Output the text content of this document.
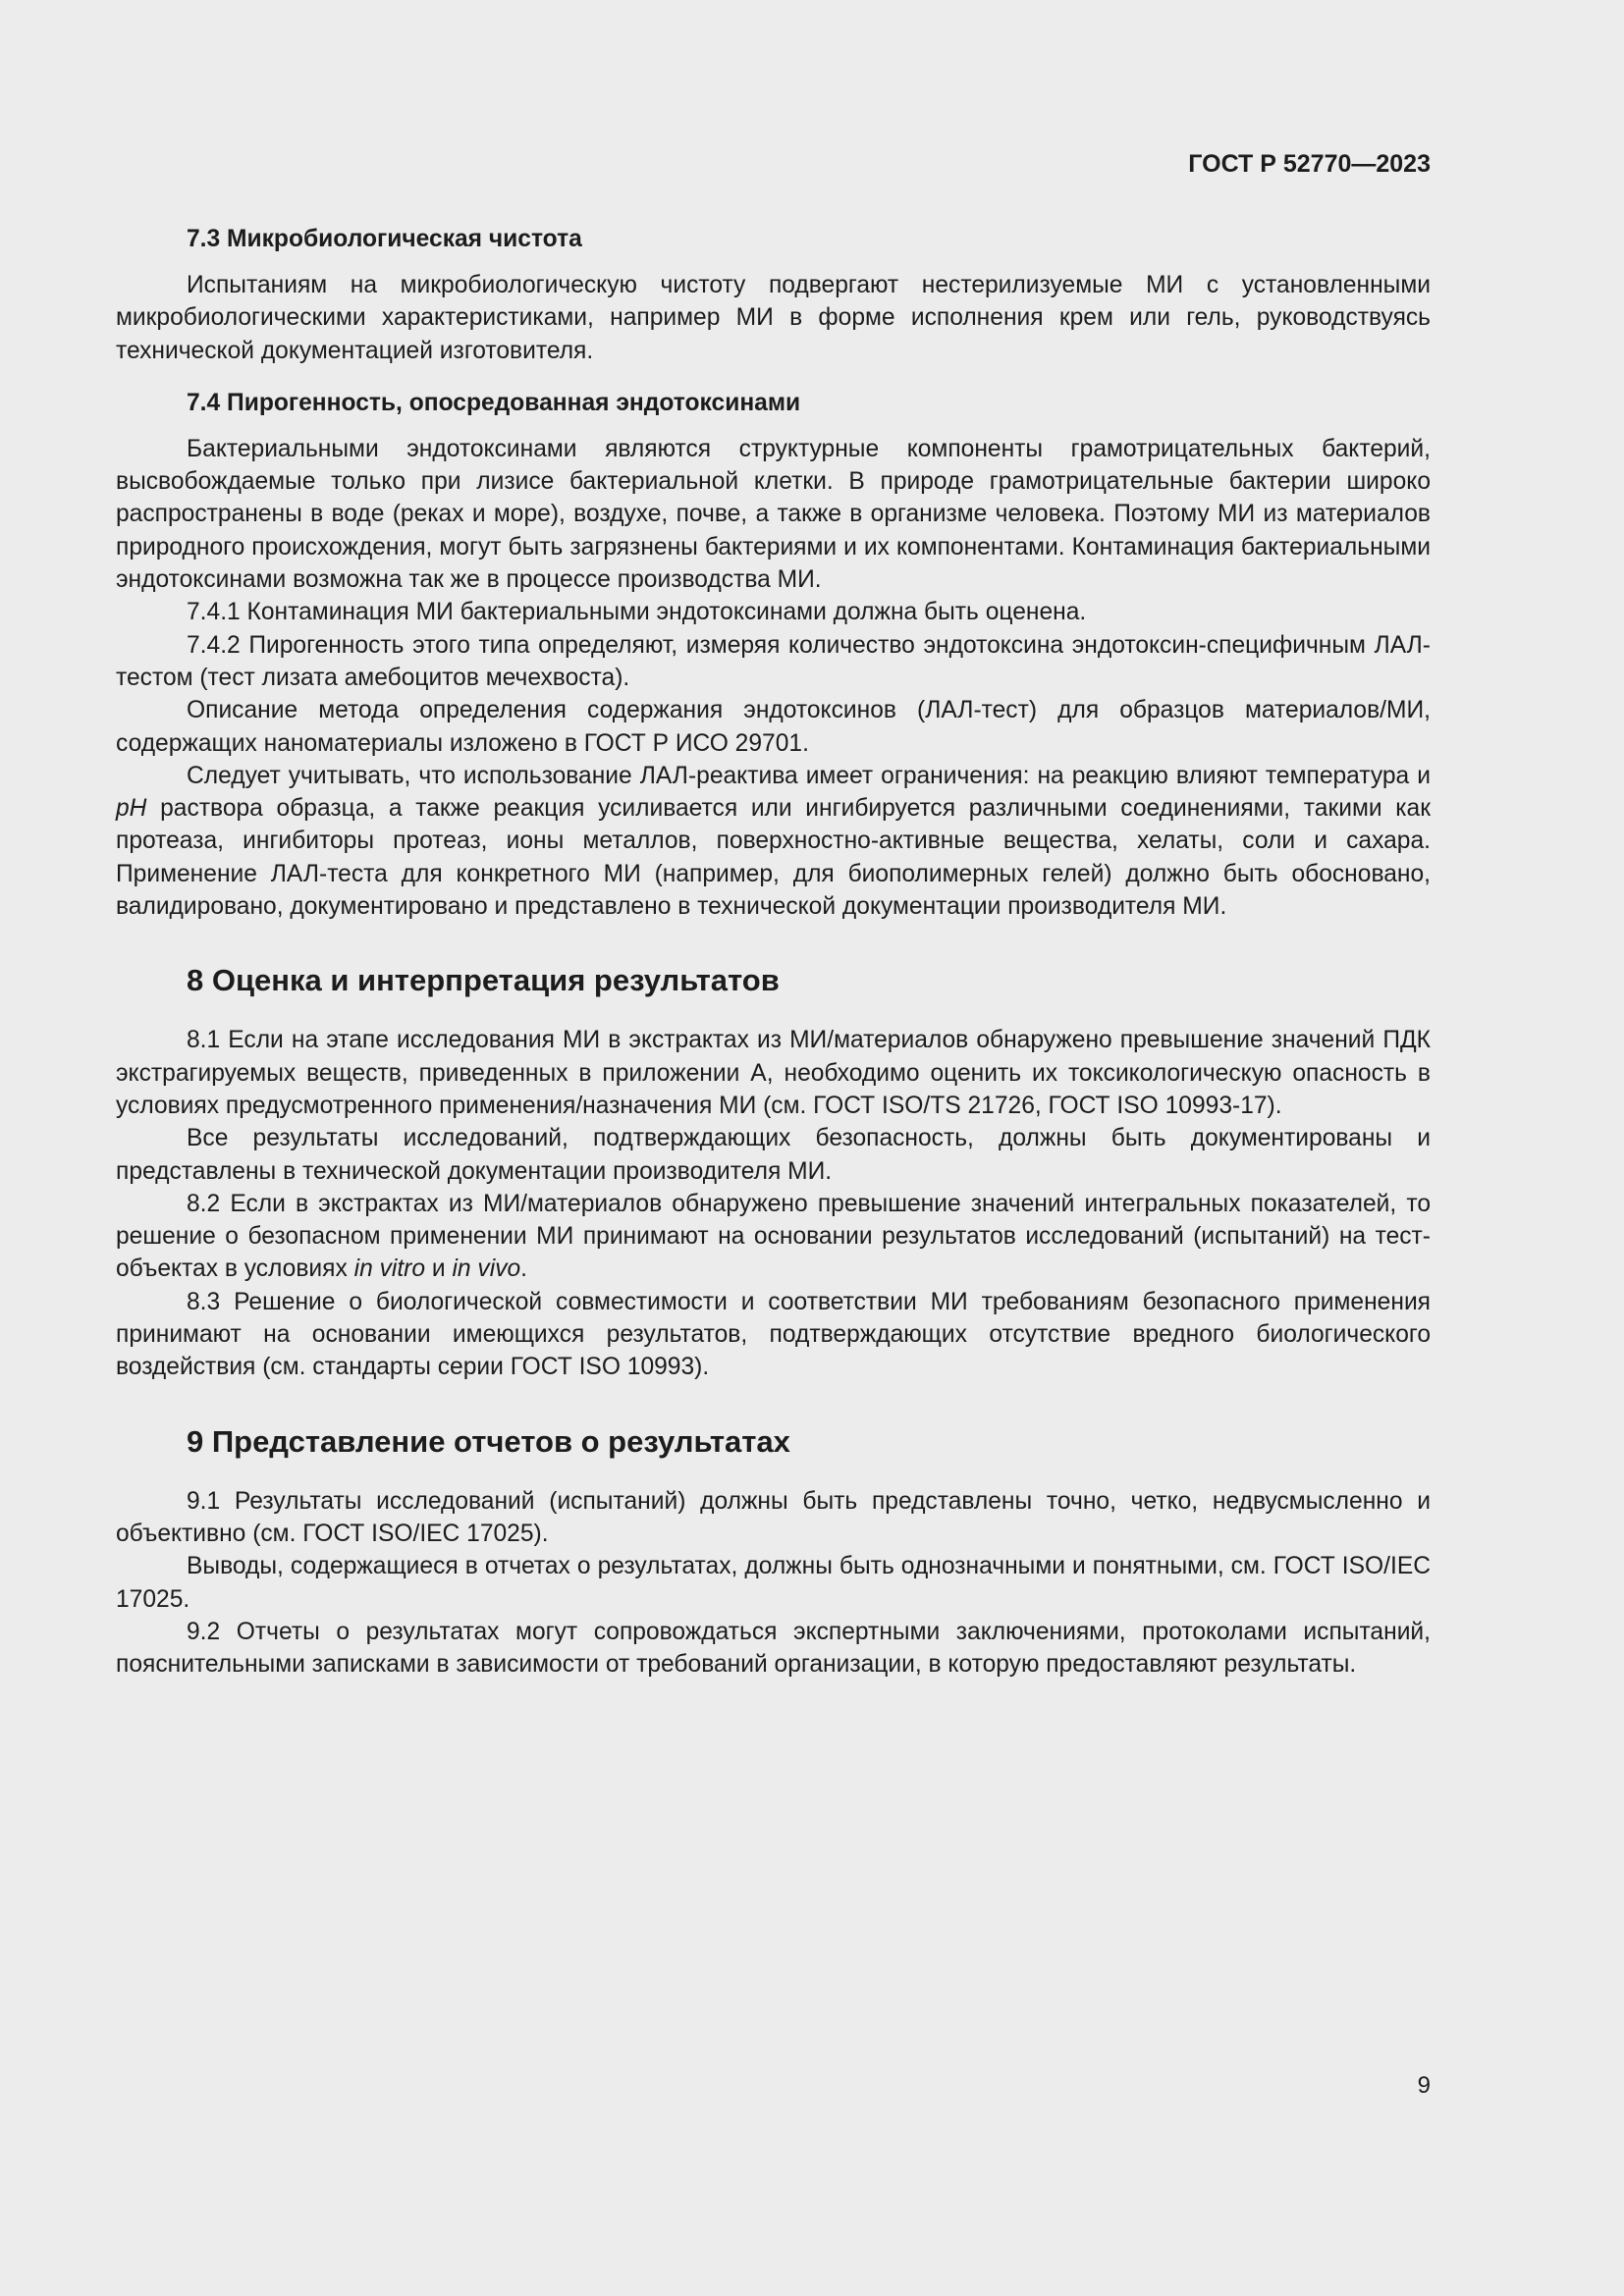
ГОСТ Р 52770—2023
7.3 Микробиологическая чистота

Испытаниям на микробиологическую чистоту подвергают нестерилизуемые МИ с установленными микробиологическими характеристиками, например МИ в форме исполнения крем или гель, руководствуясь технической документацией изготовителя.

7.4 Пирогенность, опосредованная эндотоксинами

Бактериальными эндотоксинами являются структурные компоненты грамотрицательных бактерий, высвобождаемые только при лизисе бактериальной клетки. В природе грамотрицательные бактерии широко распространены в воде (реках и море), воздухе, почве, а также в организме человека. Поэтому МИ из материалов природного происхождения, могут быть загрязнены бактериями и их компонентами. Контаминация бактериальными эндотоксинами возможна так же в процессе производства МИ.

7.4.1 Контаминация МИ бактериальными эндотоксинами должна быть оценена.

7.4.2 Пирогенность этого типа определяют, измеряя количество эндотоксина эндотоксин-специфичным ЛАЛ-тестом (тест лизата амебоцитов мечехвоста).

Описание метода определения содержания эндотоксинов (ЛАЛ-тест) для образцов материалов/МИ, содержащих наноматериалы изложено в ГОСТ Р ИСО 29701.

Следует учитывать, что использование ЛАЛ-реактива имеет ограничения: на реакцию влияют температура и pH раствора образца, а также реакция усиливается или ингибируется различными соединениями, такими как протеаза, ингибиторы протеаз, ионы металлов, поверхностно-активные вещества, хелаты, соли и сахара. Применение ЛАЛ-теста для конкретного МИ (например, для биополимерных гелей) должно быть обосновано, валидировано, документировано и представлено в технической документации производителя МИ.

8 Оценка и интерпретация результатов

8.1 Если на этапе исследования МИ в экстрактах из МИ/материалов обнаружено превышение значений ПДК экстрагируемых веществ, приведенных в приложении А, необходимо оценить их токсикологическую опасность в условиях предусмотренного применения/назначения МИ (см. ГОСТ ISO/TS 21726, ГОСТ ISO 10993-17).

Все результаты исследований, подтверждающих безопасность, должны быть документированы и представлены в технической документации производителя МИ.

8.2 Если в экстрактах из МИ/материалов обнаружено превышение значений интегральных показателей, то решение о безопасном применении МИ принимают на основании результатов исследований (испытаний) на тест-объектах в условиях in vitro и in vivo.

8.3 Решение о биологической совместимости и соответствии МИ требованиям безопасного применения принимают на основании имеющихся результатов, подтверждающих отсутствие вредного биологического воздействия (см. стандарты серии ГОСТ ISO 10993).

9 Представление отчетов о результатах

9.1 Результаты исследований (испытаний) должны быть представлены точно, четко, недвусмысленно и объективно (см. ГОСТ ISO/IEC 17025).

Выводы, содержащиеся в отчетах о результатах, должны быть однозначными и понятными, см. ГОСТ ISO/IEC 17025.

9.2 Отчеты о результатах могут сопровождаться экспертными заключениями, протоколами испытаний, пояснительными записками в зависимости от требований организации, в которую предоставляют результаты.

9
